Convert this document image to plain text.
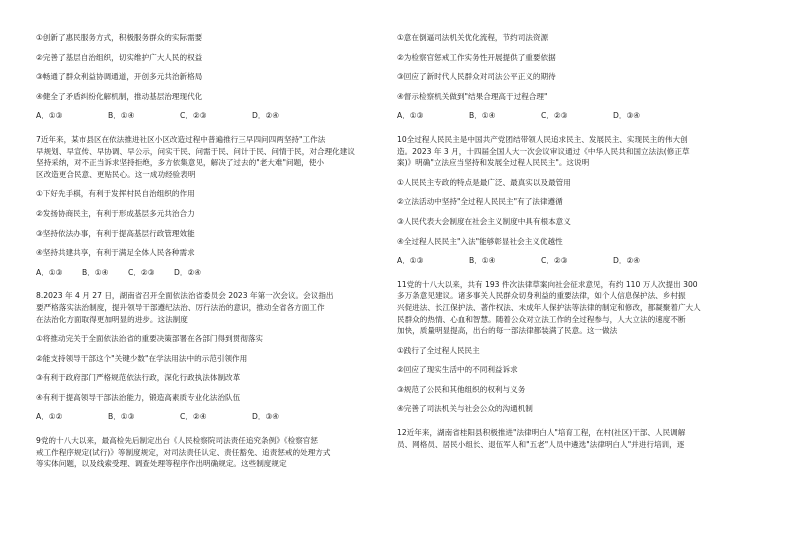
①创新了惠民服务方式，积极服务群众的实际需要
②完善了基层自治组织，切实维护广大人民的权益
③畅通了群众利益协调通道，开创多元共治新格局
④健全了矛盾纠纷化解机制，推动基层治理现代化
A．①③	B．①④	C．②③	D．②④
7近年来，某市县区在依法推进社区小区改造过程中普遍推行三早四问四两坚持"工作法
早规划、早宣传、早协调、早公示，问实干民、问需于民、问计于民、问情于民，对合理化建议
坚持采纳，对不正当诉求坚持拒绝，多方依集意见，解决了过去的"老大难"问题，使小
区改造更合民意、更贴民心。这一成功经验表明
①下好先手棋，有利于发挥村民自治组织的作用
②发扬协商民主，有利于形成基层多元共治合力
③坚持依法办事，有利于提高基层行政管理效能
④坚持共建共享，有利于满足全体人民各种需求
A．①③	B．①④	C．②③	D．②④
8.2023 年 4 月 27 日，湖南省召开全面依法治省委员会 2023 年第一次会议。会议指出
要严格落实法治制度，提升领导干部遵纪法治、厉行法治的意识，推动全省各方面工作
在法治化方面取得更加明显的进步。这法制度
①将推动完关于全面依法治省的重要决策部署在各部门得到贯彻落实
②能支持领导干部这个"关键少数"在学法用法中的示范引领作用
③有利于政府部门严格规范依法行政，深化行政执法体制改革
④有利于提高领导干部法治能力，锻造高素质专业化法治队伍
A．①②	B．①③	C．②④	D．③④
9党的十八大以来，最高检先后制定出台《人民检察院司法责任追究条例》《检察官惩
戒工作程序规定(试行)》等制度规定，对司法责任认定、责任豁免、追责惩戒的处理方式
等实体问题，以及线索受理、调查处理等程序作出明确规定。这些制度规定
①意在倒逼司法机关优化流程，节约司法资源
②为检察官惩戒工作实务性开展提供了重要依据
③回应了新时代人民群众对司法公平正义的期待
④督示检察机关做到"结果合理高于过程合理"
A．①③	B．①④	C．②③	D．③④
10全过程人民民主是中国共产党团结带领人民追求民主、发展民主、实现民主的伟大创
造。2023 年 3 月，十四届全国人大一次会议审议通过《中华人民共和国立法法(修正草
案)》明确"立法应当坚持和发展全过程人民民主"。这说明
①人民民主专政的特点是最广泛、最真实以及最管用
②立法活动中坚持"全过程人民民主"有了法律遵循
③人民代表大会制度在社会主义制度中具有根本意义
④全过程人民民主"入法"能够彰显社会主义优越性
A．①③	B．①④	C．②③	D．②④
11党的十八大以来，共有 193 件次法律草案向社会征求意见，有约 110 万人次提出 300
多万条意见建议。诸多事关人民群众切身利益的重要法律，如个人信息保护法、乡村振
兴促进法、长江保护法、著作权法、未成年人保护法等法律的制定和修改，都凝聚着广大人
民群众的热情、心血和智慧。随着公众对立法工作的全过程参与，人大立法的速度不断
加快，质量明显提高，出台的每一部法律都装满了民意。这一做法
①践行了全过程人民民主
②回应了现实生活中的不同利益诉求
③规范了公民和其他组织的权利与义务
④完善了司法机关与社会公众的沟通机制
12近年来，湖南省桂阳县积极推进"法律明白人"培育工程，在村(社区)干部、人民调解
员、网格员、居民小组长、退伍军人和"五老"人员中遴选"法律明白人"并进行培训，逐
